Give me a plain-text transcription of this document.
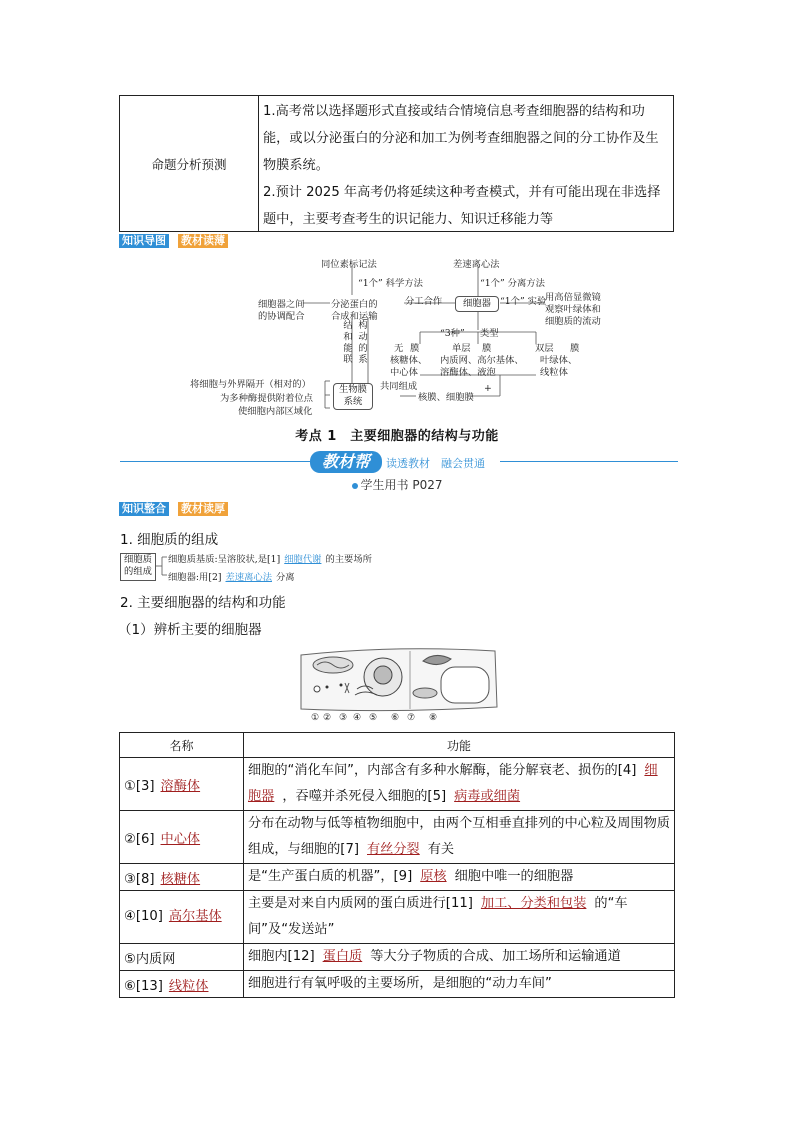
命题分析预测

1.高考常以选择题形式直接或结合情境信息考查细胞器的结构和功能，或以分泌蛋白的分泌和加工为例考查细胞器之间的分工协作及生物膜系统。

2.预计 2025 年高考仍将延续这种考查模式，并有可能出现在非选择题中，主要考查考生的识记能力、知识迁移能力等

知识导图 教材读薄
同位素标记法	差速离心法
“1个” 科学方法	“1个” 分离方法
细胞器之间
的协调配合
分泌蛋白的
合成和运输
分工合作	细胞器 “1个” 实验
用高倍显微镜
观察叶绿体和
细胞质的流动
“3种” 类型
无 膜
核糖体、
中心体
单层 膜
内质网、高尔基体、
溶酶体、液泡
双层 膜
叶绿体、
线粒体
结和能联 构动的系
将细胞与外界隔开（相对的）
为多种酶提供附着位点
使细胞内部区域化
生物膜
系统
共同组成
核膜、细胞膜
+
考点 1　主要细胞器的结构与功能
教材帮	读透教材　融会贯通
学生用书 P027
知识整合 教材读厚
1. 细胞质的组成
细胞质
的组成
细胞质基质:呈溶胶状,是[1] 细胞代谢 的主要场所
细胞器:用[2] 差速离心法 分离
2. 主要细胞器的结构和功能
（1）辨析主要的细胞器
① ② ③ ④ ⑤ ⑥ ⑦ ⑧
名称	功能
①[3] 溶酶体	细胞的“消化车间”，内部含有多种水解酶，能分解衰老、损伤的[4] 细胞器 ，吞噬并杀死侵入细胞的[5] 病毒或细菌
②[6] 中心体	分布在动物与低等植物细胞中，由两个互相垂直排列的中心粒及周围物质组成，与细胞的[7] 有丝分裂 有关
③[8] 核糖体	是“生产蛋白质的机器”，[9] 原核 细胞中唯一的细胞器
④[10] 高尔基体	主要是对来自内质网的蛋白质进行[11] 加工、分类和包装 的“车间”及“发送站”
⑤内质网	细胞内[12] 蛋白质 等大分子物质的合成、加工场所和运输通道
⑥[13] 线粒体	细胞进行有氧呼吸的主要场所，是细胞的“动力车间”
